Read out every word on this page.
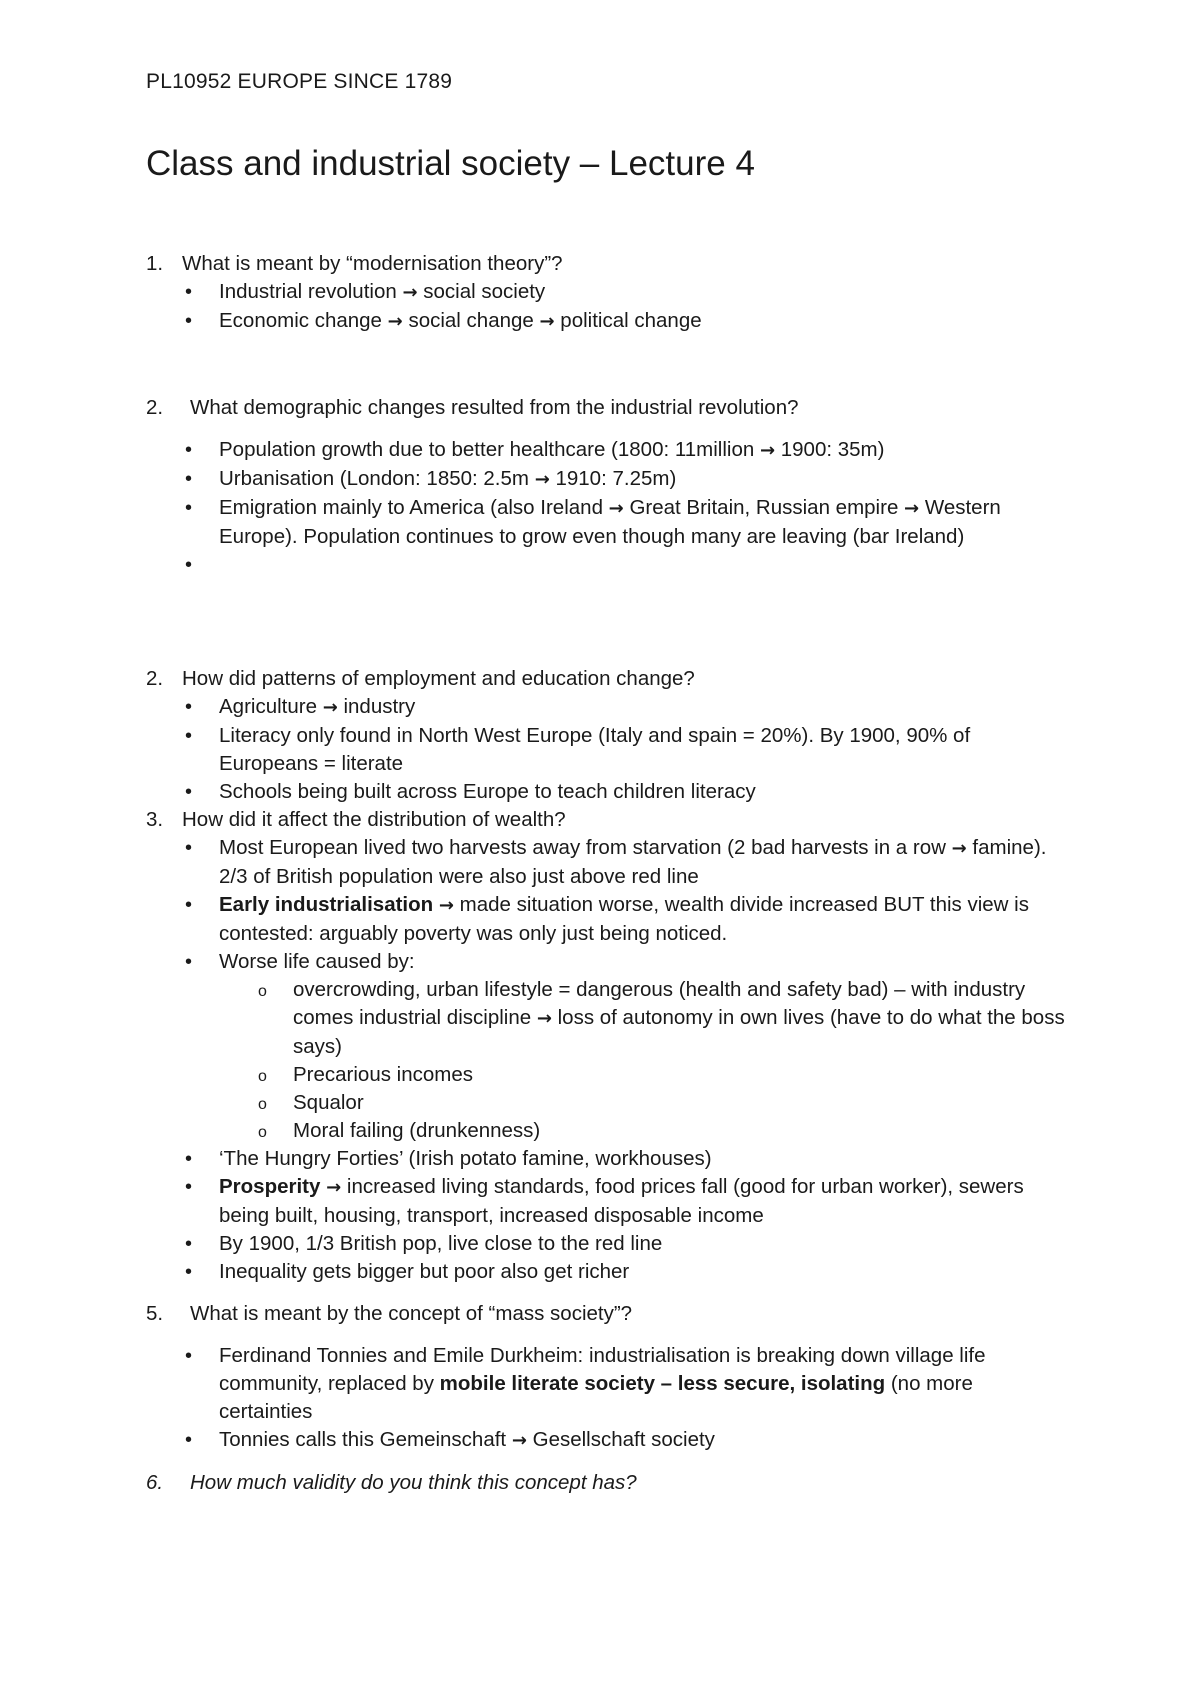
PL10952 EUROPE SINCE 1789
Class and industrial society – Lecture 4
1. What is meant by “modernisation theory”?
• Industrial revolution → social society
• Economic change → social change → political change
2. What demographic changes resulted from the industrial revolution?
• Population growth due to better healthcare (1800: 11million → 1900: 35m)
• Urbanisation (London: 1850: 2.5m → 1910: 7.25m)
• Emigration mainly to America (also Ireland → Great Britain, Russian empire → Western Europe). Population continues to grow even though many are leaving (bar Ireland)
•

2. How did patterns of employment and education change?
• Agriculture → industry
• Literacy only found in North West Europe (Italy and spain = 20%). By 1900, 90% of Europeans = literate
• Schools being built across Europe to teach children literacy
3. How did it affect the distribution of wealth?
• Most European lived two harvests away from starvation (2 bad harvests in a row → famine). 2/3 of British population were also just above red line
• Early industrialisation → made situation worse, wealth divide increased BUT this view is contested: arguably poverty was only just being noticed.
• Worse life caused by:
o overcrowding, urban lifestyle = dangerous (health and safety bad) – with industry comes industrial discipline → loss of autonomy in own lives (have to do what the boss says)
o Precarious incomes
o Squalor
o Moral failing (drunkenness)
• ‘The Hungry Forties’ (Irish potato famine, workhouses)
• Prosperity → increased living standards, food prices fall (good for urban worker), sewers being built, housing, transport, increased disposable income
• By 1900, 1/3 British pop, live close to the red line
• Inequality gets bigger but poor also get richer
5. What is meant by the concept of “mass society”?
• Ferdinand Tonnies and Emile Durkheim: industrialisation is breaking down village life community, replaced by mobile literate society – less secure, isolating (no more certainties
• Tonnies calls this Gemeinschaft → Gesellschaft society
6. How much validity do you think this concept has?
